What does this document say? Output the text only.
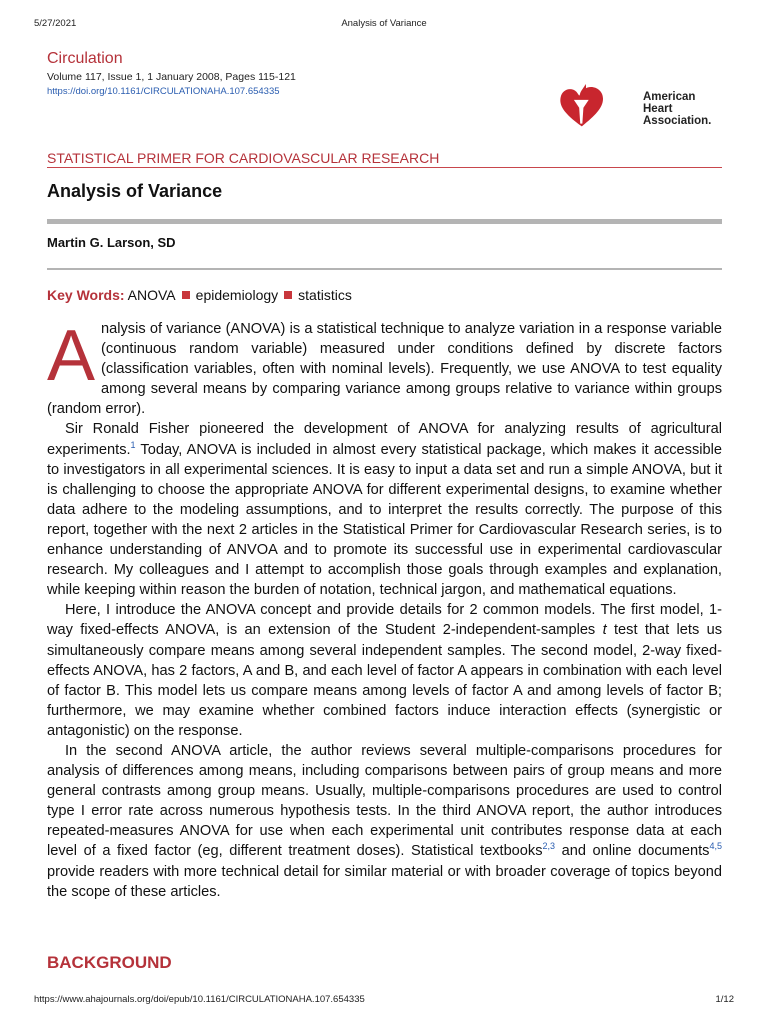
5/27/2021	Analysis of Variance
Circulation
Volume 117, Issue 1, 1 January 2008, Pages 115-121
https://doi.org/10.1161/CIRCULATIONAHA.107.654335	American Heart Association.
STATISTICAL PRIMER FOR CARDIOVASCULAR RESEARCH
Analysis of Variance
Martin G. Larson, SD
Key Words: ANOVA epidemiology statistics

Analysis of variance (ANOVA) is a statistical technique to analyze variation in a response variable (continuous random variable) measured under conditions defined by discrete factors (classification variables, often with nominal levels). Frequently, we use ANOVA to test equality among several means by comparing variance among groups relative to variance within groups (random error).

Sir Ronald Fisher pioneered the development of ANOVA for analyzing results of agricultural experiments.$^1$ Today, ANOVA is included in almost every statistical package, which makes it accessible to investigators in all experimental sciences. It is easy to input a data set and run a simple ANOVA, but it is challenging to choose the appropriate ANOVA for different experimental designs, to examine whether data adhere to the modeling assumptions, and to interpret the results correctly. The purpose of this report, together with the next 2 articles in the Statistical Primer for Cardiovascular Research series, is to enhance understanding of ANVOA and to promote its successful use in experimental cardiovascular research. My colleagues and I attempt to accomplish those goals through examples and explanation, while keeping within reason the burden of notation, technical jargon, and mathematical equations.

Here, I introduce the ANOVA concept and provide details for 2 common models. The first model, 1-way fixed-effects ANOVA, is an extension of the Student 2-independent-samples t test that lets us simultaneously compare means among several independent samples. The second model, 2-way fixed-effects ANOVA, has 2 factors, A and B, and each level of factor A appears in combination with each level of factor B. This model lets us compare means among levels of factor A and among levels of factor B; furthermore, we may examine whether combined factors induce interaction effects (synergistic or antagonistic) on the response.

In the second ANOVA article, the author reviews several multiple-comparisons procedures for analysis of differences among means, including comparisons between pairs of group means and more general contrasts among group means. Usually, multiple-comparisons procedures are used to control type I error rate across numerous hypothesis tests. In the third ANOVA report, the author introduces repeated-measures ANOVA for use when each experimental unit contributes response data at each level of a fixed factor (eg, different treatment doses). Statistical textbooks$^{2,3}$ and online documents$^{4,5}$ provide readers with more technical detail for similar material or with broader coverage of topics beyond the scope of these articles.

BACKGROUND
https://www.ahajournals.org/doi/epub/10.1161/CIRCULATIONAHA.107.654335	1/12
